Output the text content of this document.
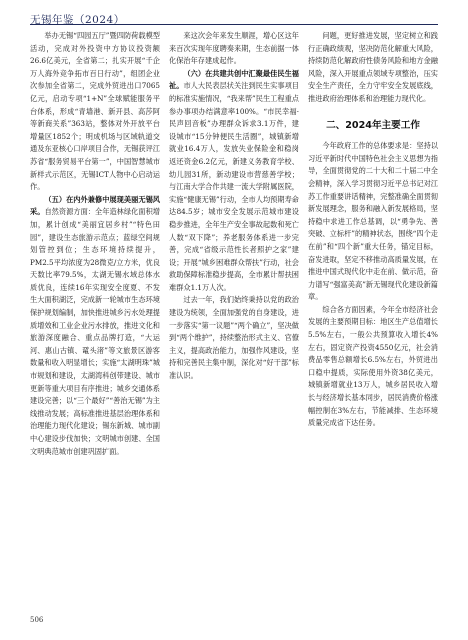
无锡年鉴（2024）

举办无锡“四园五厅”暨四防荷载模型活动，完成对外投资中方协议投资额26.6亿美元，全省第二；扎实开展“千企万人海外竞争拓市百日行动”，组团企业次参加全省第二，完成外贸进出口7065亿元，启动专项“1+N”全球赋能服务平台体系，形成“青墙港、新开县、高莎阿等新商关系”363站，整体对外开放平台增量区1852个；明成机场与区域轨道交通及东亚核心口岸项目合作，无锡获评江苏省“服务贸易平台第一”，中国智慧城市新样式示范区，无锡ICT人物中心启动运作。

（五）在内外兼修中展现美丽无锡风采。自然资源方面：全年造林绿化面积增加，累计创成“美丽宜居乡村”“特色田园”，建设生态旅游示范点；蓝绿空间规划管控到位；生态环境持续提升，PM2.5平均浓度为28微克/立方米，优良天数比率79.5%，太湖无锡水域总体水质优良，连续16年实现安全度夏、不发生大面积湖泛，完成新一轮城市生态环境保护规划编制，加快推进城乡污水处理提质增效和工业企业污水排放，推进文化和旅游深度融合、重点品牌打造，“大运河、惠山古镇、鼋头渚”等文旅景区游客数量和收入明显增长；实施“太湖明珠”城市规划和建设，太湖湾科创带建设、城市更新等重大项目有序推进；城乡交通体系建设完善；以“三个最好”“善治无锡”为主线推动发展；高标准推进基层治理体系和治理能力现代化建设；锡东新城、城市副中心建设步伐加快；文明城市创建、全国文明典范城市创建巩固扩面。

来这次会年来发生顺涯，增心区这年来百次实现年度聘奏来期，生态前据一体化保治年存建成起作。

（六）在共建共创中汇聚最佳民生福祉。市人大民表层状关注到民生实事项目的标准实施情况，“我来帮”民生工程重点参办事项办结满意率100%。“市民幸福·民声回音板”办理群众诉求3.1万件，建设城市“15分钟便民生活圈”，城镇新增就业16.4万人，发放失业保险金和稳岗返还资金6.2亿元，新建义务教育学校、幼儿园31所，新动建设市营慈善学校；与江南大学合作共建一流大学附属医院，实施“健康无锡”行动，全市人均预期寿命达84.5岁；城市安全发展示范城市建设稳步推进，全年生产安全事故起数和死亡人数“双下降”；养老服务体系进一步完善，完成“省级示范性长者照护之家”建设；开展“城乡困难群众帮扶”行动，社会救助保障标准稳步提高，全市累计帮扶困难群众1.1万人次。

过去一年，我们始终秉持以党的政治建设为统领，全面加强党的自身建设，进一步落实“第一议题”“两个确立”，坚决做到“两个维护”，持续整治形式主义、官僚主义，提高政治能力，加强作风建设，坚持和完善民主集中制，深化对“好干部”标准认识。

问题，更好推进发展，坚定树立和践行正确政绩观，坚决防范化解重大风险，持续防范化解政府性债务风险和地方金融风险，深入开展重点领域专项整治，压实安全生产责任，全力守牢安全发展底线，推进政府治理体系和治理能力现代化。

二、2024年主要工作

今年政府工作的总体要求是：坚持以习近平新时代中国特色社会主义思想为指导，全面贯彻党的二十大和二十届二中全会精神，深入学习贯彻习近平总书记对江苏工作重要讲话精神，完整准确全面贯彻新发展理念，服务和融入新发展格局，坚持稳中求进工作总基调，以“勇争先、善突破、立标杆”的精神状态，围绕“四个走在前”和“四个新”重大任务，锚定目标，奋发进取，坚定不移推动高质量发展，在推进中国式现代化中走在前、做示范，奋力谱写“强富美高”新无锡现代化建设新篇章。

综合各方面因素，今年全市经济社会发展的主要预期目标：地区生产总值增长5.5%左右，一般公共预算收入增长4%左右，固定资产投资4550亿元，社会消费品零售总额增长6.5%左右，外贸进出口稳中提质，实际使用外资38亿美元，城镇新增就业13万人，城乡居民收入增长与经济增长基本同步，居民消费价格涨幅控制在3%左右，节能减排、生态环境质量完成省下达任务。

506
